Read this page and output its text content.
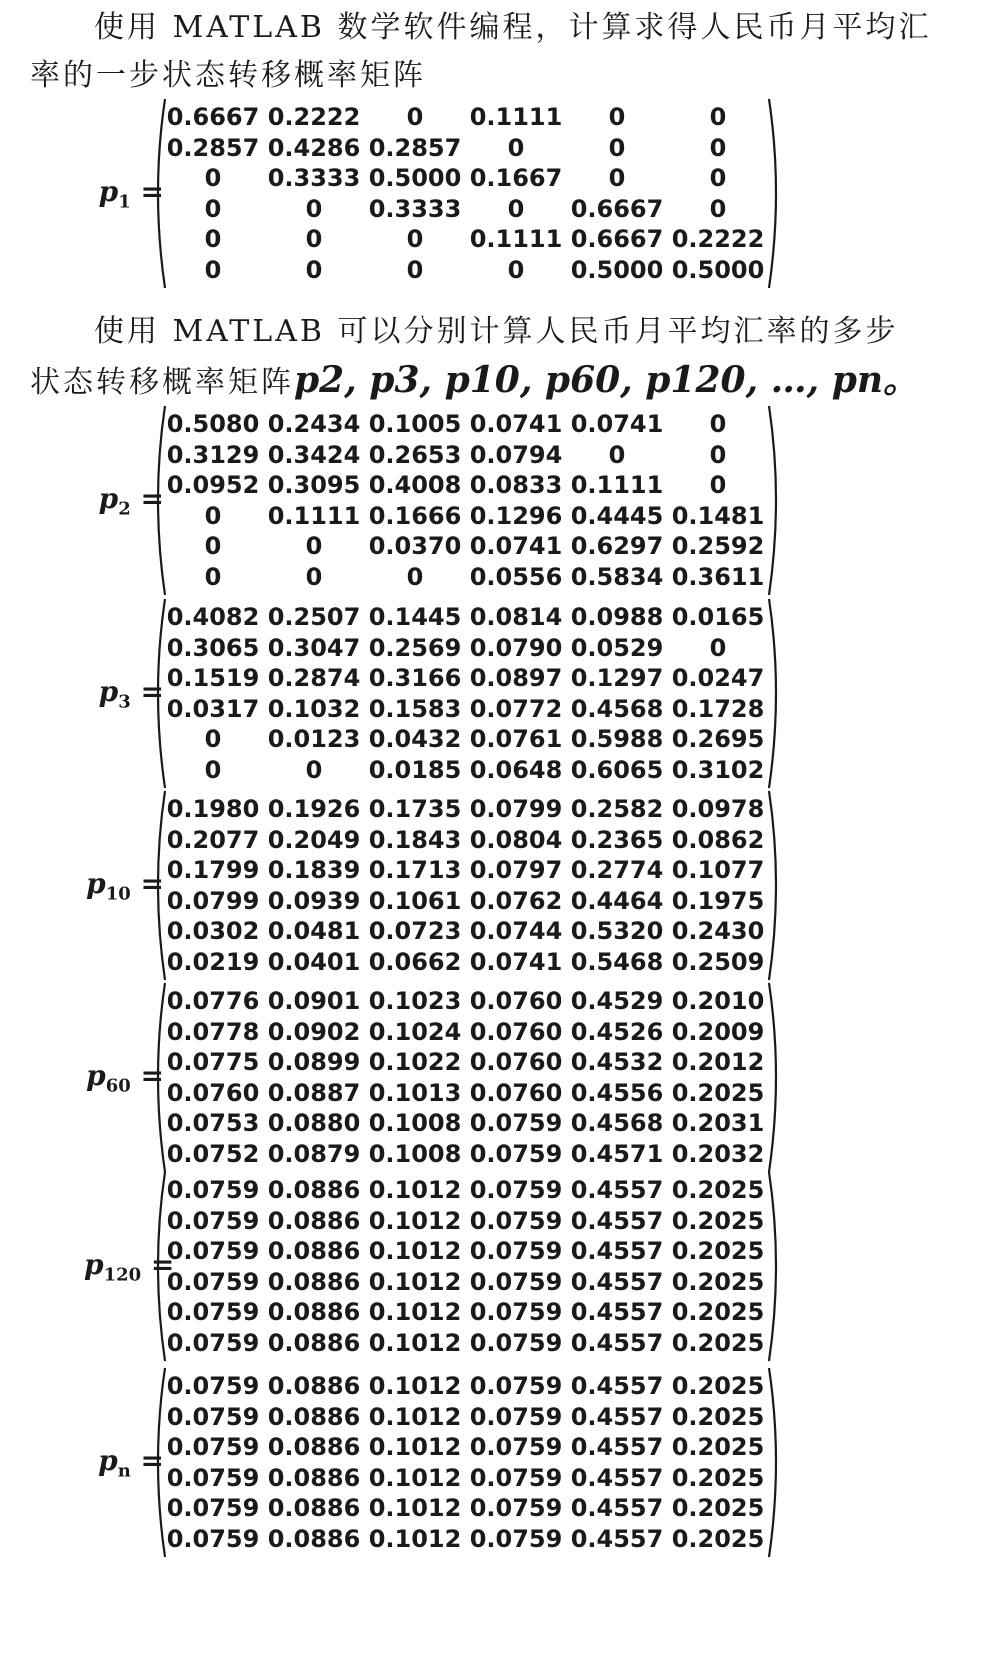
使用 MATLAB 数学软件编程，计算求得人民币月平均汇
率的一步状态转移概率矩阵
使用 MATLAB 可以分别计算人民币月平均汇率的多步
状态转移概率矩阵p2, p3, p10, p60, p120, …, pn。
$p_1$ =
0.6667 0.2222	0	0.1111	0	0
0.2857 0.4286 0.2857	0	0	0
0	0.3333 0.5000 0.1667	0	0
0	0	0.3333	0	0.6667	0
0	0	0	0.1111 0.6667 0.2222
0	0	0	0	0.5000 0.5000
$p_2$ =
0.5080 0.2434 0.1005 0.0741 0.0741	0
0.3129 0.3424 0.2653 0.0794	0	0
0.0952 0.3095 0.4008 0.0833 0.1111	0
0	0.1111 0.1666 0.1296 0.4445 0.1481
0	0	0.0370 0.0741 0.6297 0.2592
0	0	0	0.0556 0.5834 0.3611
$p_3$ =
0.4082 0.2507 0.1445 0.0814 0.0988 0.0165
0.3065 0.3047 0.2569 0.0790 0.0529	0
0.1519 0.2874 0.3166 0.0897 0.1297 0.0247
0.0317 0.1032 0.1583 0.0772 0.4568 0.1728
0	0.0123 0.0432 0.0761 0.5988 0.2695
0	0	0.0185 0.0648 0.6065 0.3102
$p_{10}$ =
0.1980 0.1926 0.1735 0.0799 0.2582 0.0978
0.2077 0.2049 0.1843 0.0804 0.2365 0.0862
0.1799 0.1839 0.1713 0.0797 0.2774 0.1077
0.0799 0.0939 0.1061 0.0762 0.4464 0.1975
0.0302 0.0481 0.0723 0.0744 0.5320 0.2430
0.0219 0.0401 0.0662 0.0741 0.5468 0.2509
$p_{60}$ =
0.0776 0.0901 0.1023 0.0760 0.4529 0.2010
0.0778 0.0902 0.1024 0.0760 0.4526 0.2009
0.0775 0.0899 0.1022 0.0760 0.4532 0.2012
0.0760 0.0887 0.1013 0.0760 0.4556 0.2025
0.0753 0.0880 0.1008 0.0759 0.4568 0.2031
0.0752 0.0879 0.1008 0.0759 0.4571 0.2032
$p_{120}$ =
0.0759 0.0886 0.1012 0.0759 0.4557 0.2025
0.0759 0.0886 0.1012 0.0759 0.4557 0.2025
0.0759 0.0886 0.1012 0.0759 0.4557 0.2025
0.0759 0.0886 0.1012 0.0759 0.4557 0.2025
0.0759 0.0886 0.1012 0.0759 0.4557 0.2025
0.0759 0.0886 0.1012 0.0759 0.4557 0.2025
$p_n$ =
0.0759 0.0886 0.1012 0.0759 0.4557 0.2025
0.0759 0.0886 0.1012 0.0759 0.4557 0.2025
0.0759 0.0886 0.1012 0.0759 0.4557 0.2025
0.0759 0.0886 0.1012 0.0759 0.4557 0.2025
0.0759 0.0886 0.1012 0.0759 0.4557 0.2025
0.0759 0.0886 0.1012 0.0759 0.4557 0.2025
